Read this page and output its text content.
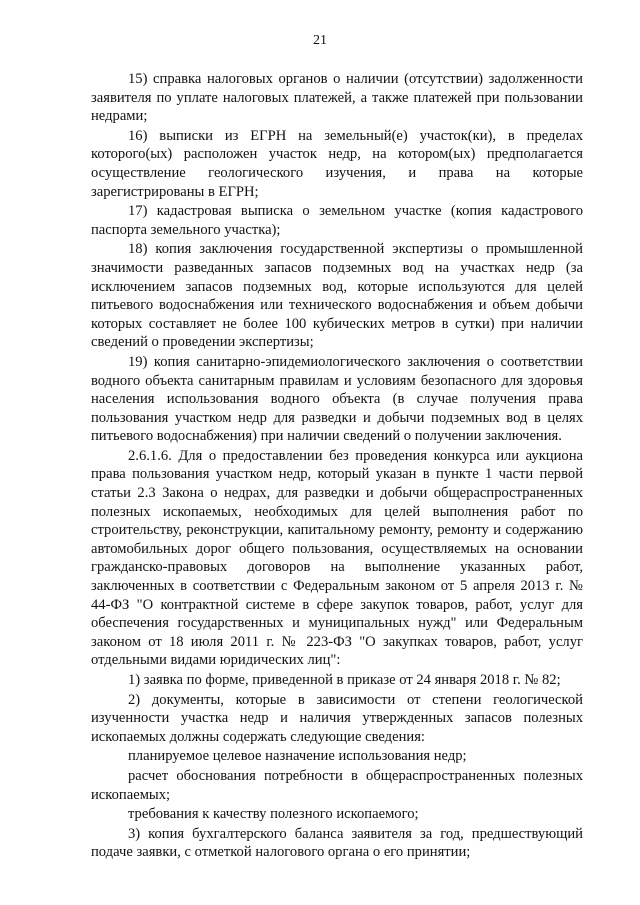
21

15) справка налоговых органов о наличии (отсутствии) задолженности заявителя по уплате налоговых платежей, а также платежей при пользовании недрами;

16) выписки из ЕГРН на земельный(е) участок(ки), в пределах которого(ых) расположен участок недр, на котором(ых) предполагается осуществление геологического изучения, и права на которые зарегистрированы в ЕГРН;

17) кадастровая выписка о земельном участке (копия кадастрового паспорта земельного участка);

18) копия заключения государственной экспертизы о промышленной значимости разведанных запасов подземных вод на участках недр (за исключением запасов подземных вод, которые используются для целей питьевого водоснабжения или технического водоснабжения и объем добычи которых составляет не более 100 кубических метров в сутки) при наличии сведений о проведении экспертизы;

19) копия санитарно-эпидемиологического заключения о соответствии водного объекта санитарным правилам и условиям безопасного для здоровья населения использования водного объекта (в случае получения права пользования участком недр для разведки и добычи подземных вод в целях питьевого водоснабжения) при наличии сведений о получении заключения.

2.6.1.6. Для о предоставлении без проведения конкурса или аукциона права пользования участком недр, который указан в пункте 1 части первой статьи 2.3 Закона о недрах, для разведки и добычи общераспространенных полезных ископаемых, необходимых для целей выполнения работ по строительству, реконструкции, капитальному ремонту, ремонту и содержанию автомобильных дорог общего пользования, осуществляемых на основании гражданско-правовых договоров на выполнение указанных работ, заключенных в соответствии с Федеральным законом от 5 апреля 2013 г. № 44-ФЗ "О контрактной системе в сфере закупок товаров, работ, услуг для обеспечения государственных и муниципальных нужд" или Федеральным законом от 18 июля 2011 г. № 223-ФЗ "О закупках товаров, работ, услуг отдельными видами юридических лиц":

1) заявка по форме, приведенной в приказе от 24 января 2018 г. № 82;

2) документы, которые в зависимости от степени геологической изученности участка недр и наличия утвержденных запасов полезных ископаемых должны содержать следующие сведения:

планируемое целевое назначение использования недр;

расчет обоснования потребности в общераспространенных полезных ископаемых;

требования к качеству полезного ископаемого;

3) копия бухгалтерского баланса заявителя за год, предшествующий подаче заявки, с отметкой налогового органа о его принятии;
